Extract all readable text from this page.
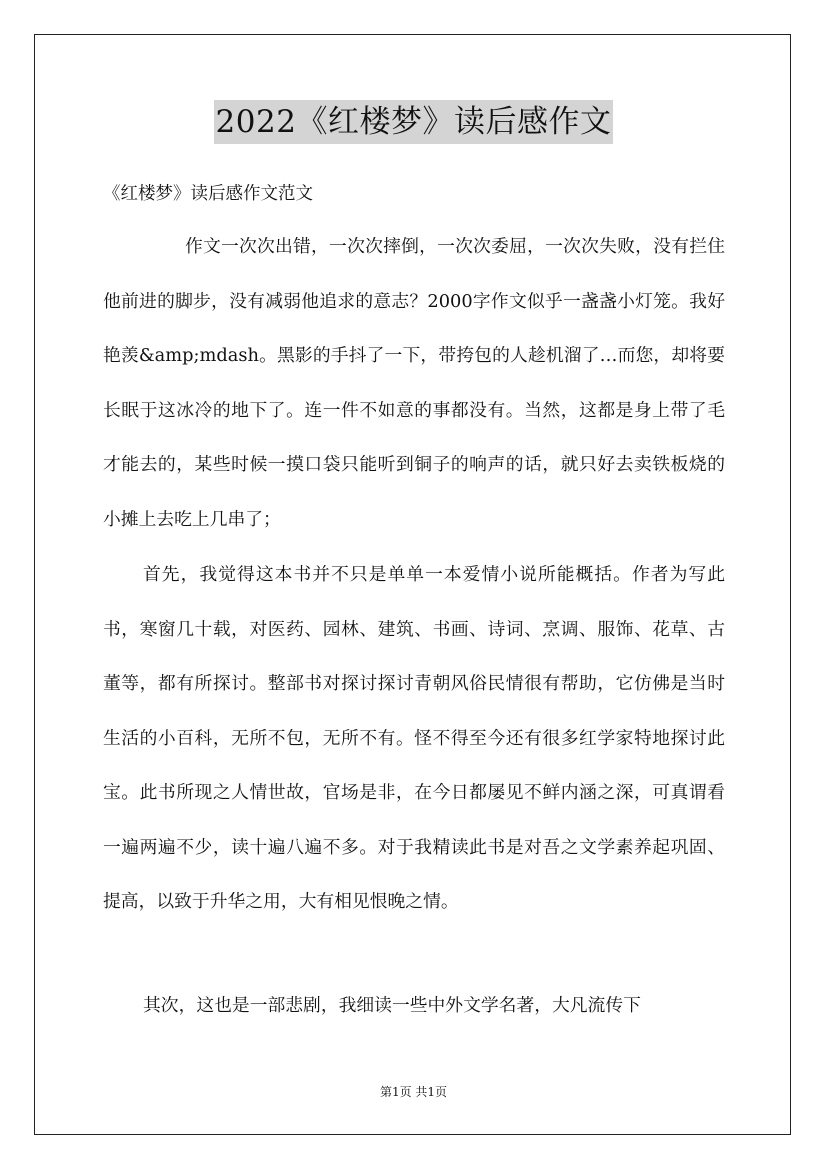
2022《红楼梦》读后感作文
《红楼梦》读后感作文范文

作文一次次出错，一次次摔倒，一次次委屈，一次次失败，没有拦住他前进的脚步，没有减弱他追求的意志？2000字作文似乎一盏盏小灯笼。我好艳羡&amp;mdash。黑影的手抖了一下，带挎包的人趁机溜了…而您，却将要长眠于这冰冷的地下了。连一件不如意的事都没有。当然，这都是身上带了毛才能去的，某些时候一摸口袋只能听到铜子的响声的话，就只好去卖铁板烧的小摊上去吃上几串了；

首先，我觉得这本书并不只是单单一本爱情小说所能概括。作者为写此书，寒窗几十载，对医药、园林、建筑、书画、诗词、烹调、服饰、花草、古董等，都有所探讨。整部书对探讨探讨青朝风俗民情很有帮助，它仿佛是当时生活的小百科，无所不包，无所不有。怪不得至今还有很多红学家特地探讨此宝。此书所现之人情世故，官场是非，在今日都屡见不鲜内涵之深，可真谓看一遍两遍不少，读十遍八遍不多。对于我精读此书是对吾之文学素养起巩固、提高，以致于升华之用，大有相见恨晚之情。

其次，这也是一部悲剧，我细读一些中外文学名著，大凡流传下

第1页 共1页
